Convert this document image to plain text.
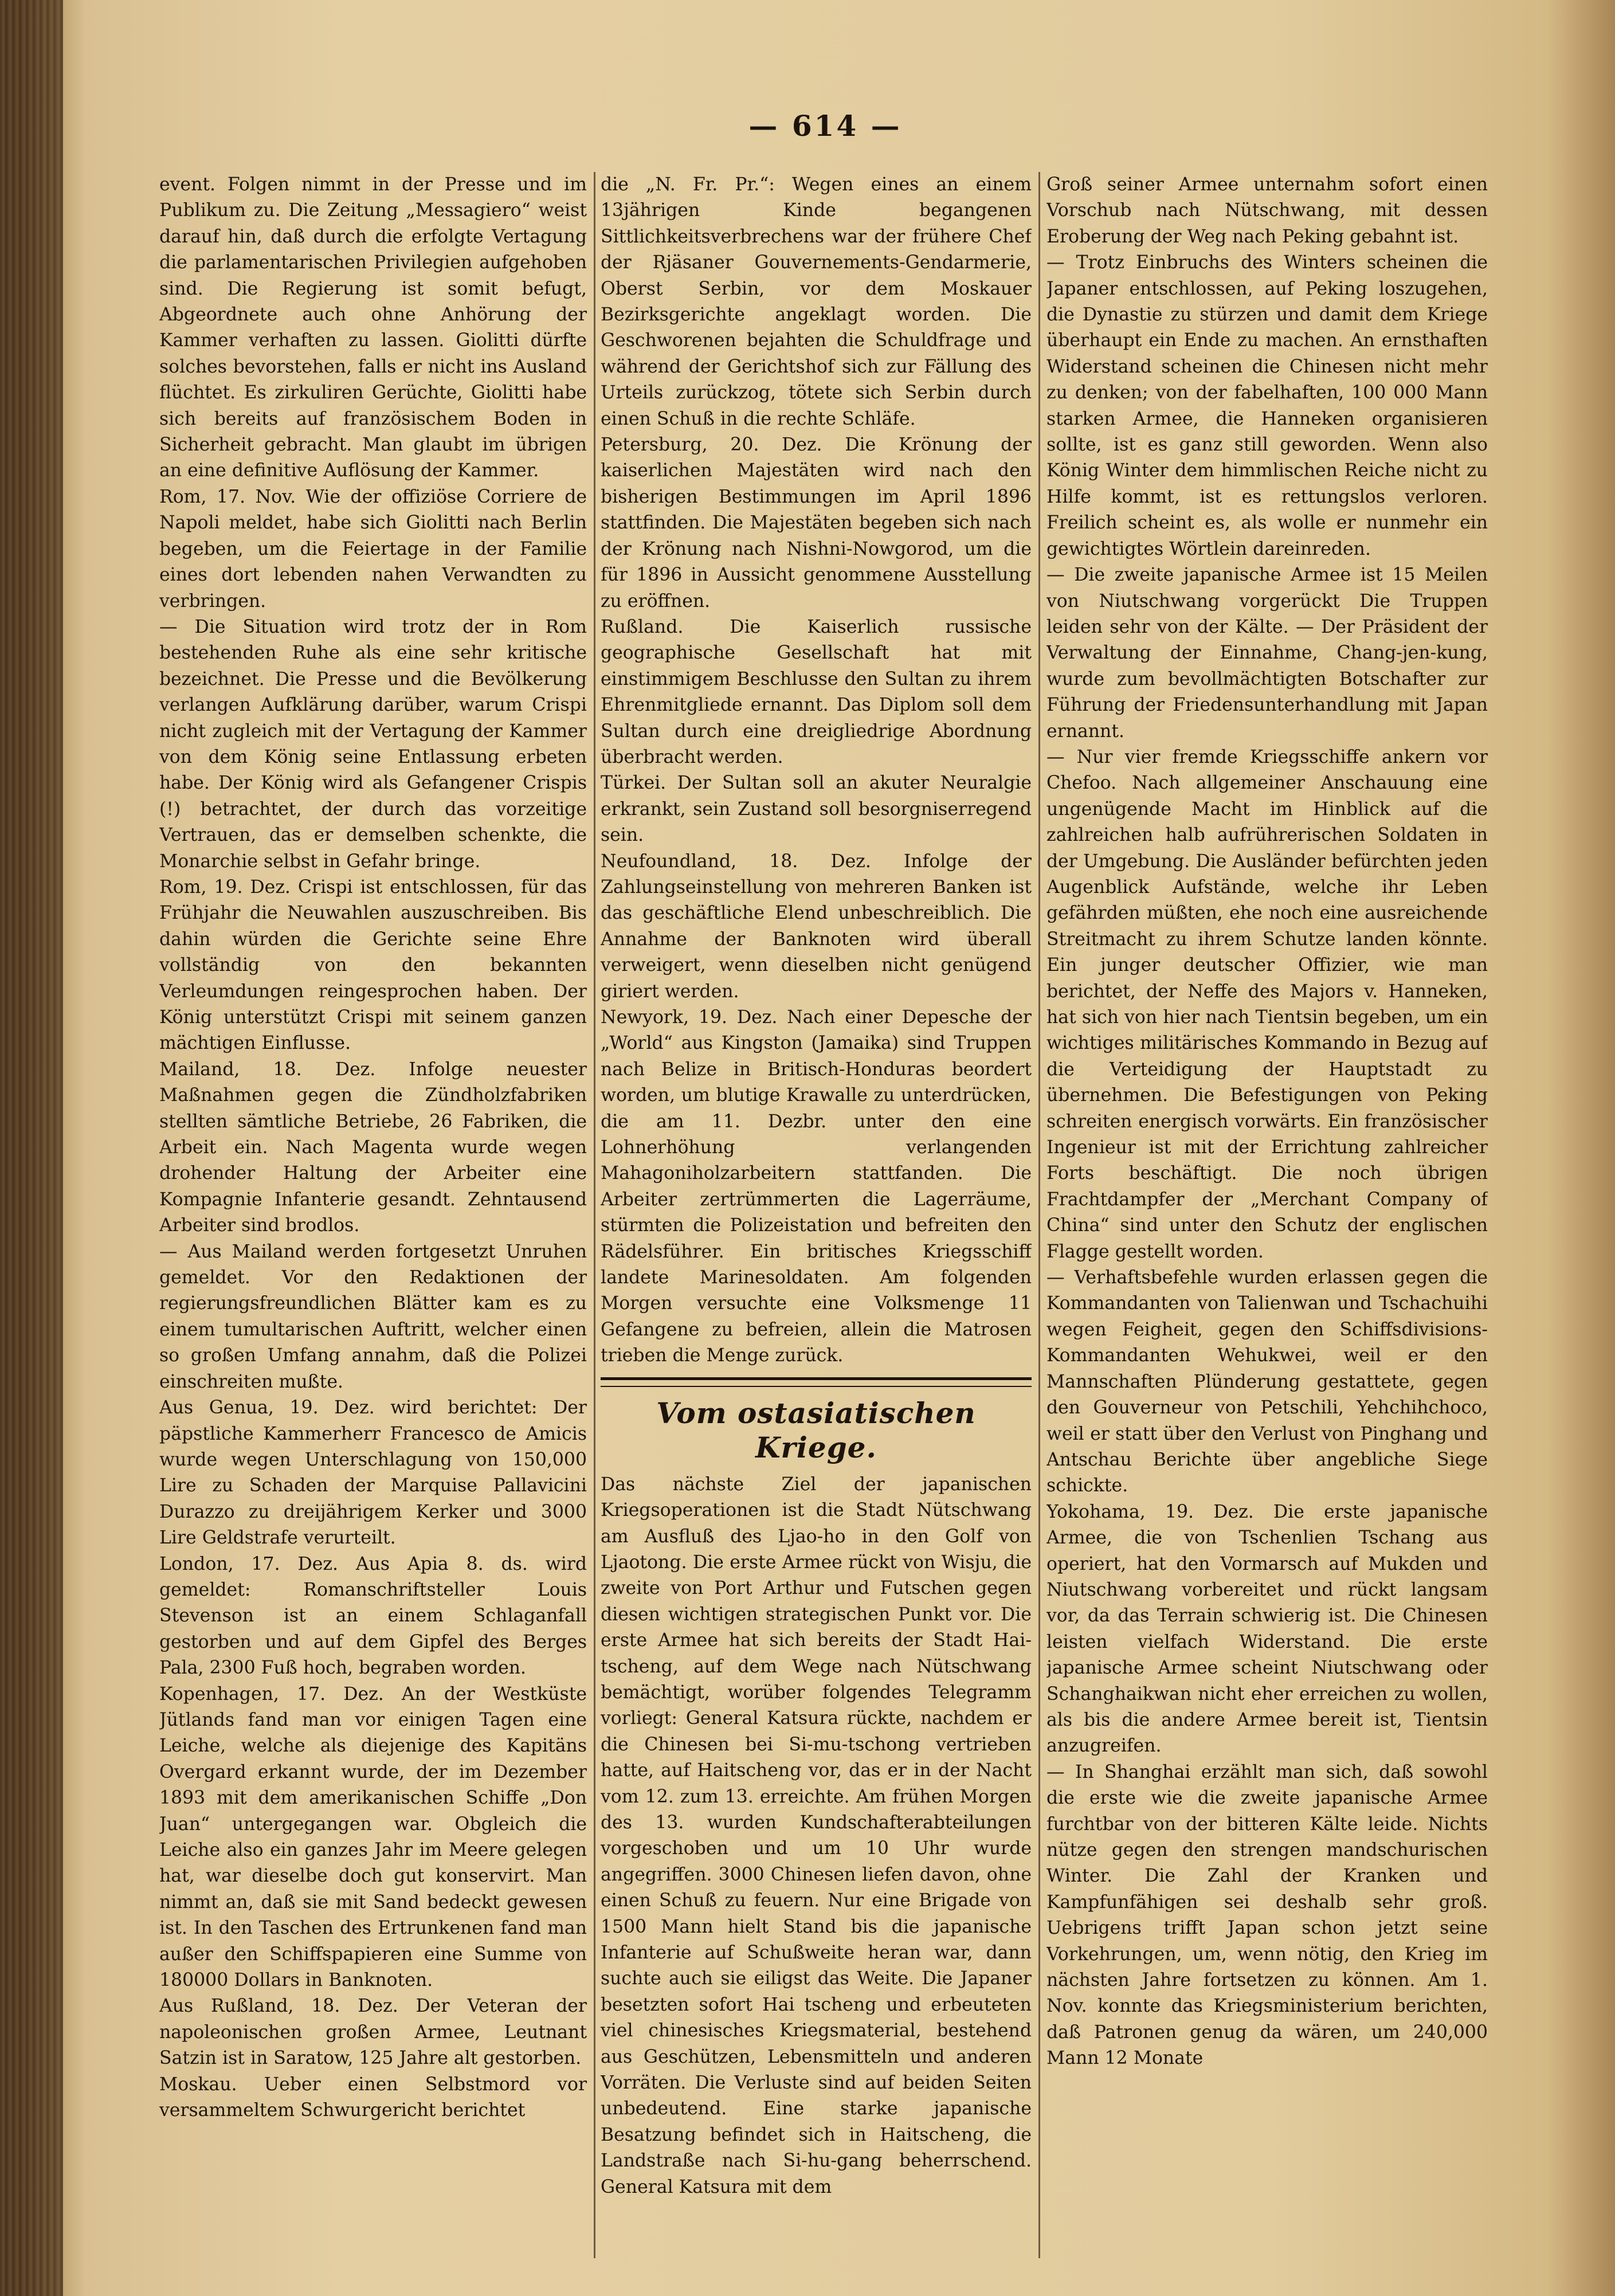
— 614 —

event. Folgen nimmt in der Presse und im Publikum zu. Die Zeitung „Messagiero“ weist darauf hin, daß durch die erfolgte Vertagung die parlamentarischen Privilegien aufgehoben sind. Die Regierung ist somit befugt, Abgeordnete auch ohne Anhörung der Kammer verhaften zu lassen. Giolitti dürfte solches bevorstehen, falls er nicht ins Ausland flüchtet. Es zirkuliren Gerüchte, Giolitti habe sich bereits auf französischem Boden in Sicherheit gebracht. Man glaubt im übrigen an eine definitive Auflösung der Kammer.

Rom, 17. Nov. Wie der offiziöse Corriere de Napoli meldet, habe sich Giolitti nach Berlin begeben, um die Feiertage in der Familie eines dort lebenden nahen Verwandten zu verbringen.

— Die Situation wird trotz der in Rom bestehenden Ruhe als eine sehr kritische bezeichnet. Die Presse und die Bevölkerung verlangen Aufklärung darüber, warum Crispi nicht zugleich mit der Vertagung der Kammer von dem König seine Entlassung erbeten habe. Der König wird als Gefangener Crispis (!) betrachtet, der durch das vorzeitige Vertrauen, das er demselben schenkte, die Monarchie selbst in Gefahr bringe.

Rom, 19. Dez. Crispi ist entschlossen, für das Frühjahr die Neuwahlen auszuschreiben. Bis dahin würden die Gerichte seine Ehre vollständig von den bekannten Verleumdungen reingesprochen haben. Der König unterstützt Crispi mit seinem ganzen mächtigen Einflusse.

Mailand, 18. Dez. Infolge neuester Maßnahmen gegen die Zündholzfabriken stellten sämtliche Betriebe, 26 Fabriken, die Arbeit ein. Nach Magenta wurde wegen drohender Haltung der Arbeiter eine Kompagnie Infanterie gesandt. Zehntausend Arbeiter sind brodlos.

— Aus Mailand werden fortgesetzt Unruhen gemeldet. Vor den Redaktionen der regierungsfreundlichen Blätter kam es zu einem tumultarischen Auftritt, welcher einen so großen Umfang annahm, daß die Polizei einschreiten mußte.

Aus Genua, 19. Dez. wird berichtet: Der päpstliche Kammerherr Francesco de Amicis wurde wegen Unterschlagung von 150,000 Lire zu Schaden der Marquise Pallavicini Durazzo zu dreijährigem Kerker und 3000 Lire Geldstrafe verurteilt.

London, 17. Dez. Aus Apia 8. ds. wird gemeldet: Romanschriftsteller Louis Stevenson ist an einem Schlaganfall gestorben und auf dem Gipfel des Berges Pala, 2300 Fuß hoch, begraben worden.

Kopenhagen, 17. Dez. An der Westküste Jütlands fand man vor einigen Tagen eine Leiche, welche als diejenige des Kapitäns Overgard erkannt wurde, der im Dezember 1893 mit dem amerikanischen Schiffe „Don Juan“ untergegangen war. Obgleich die Leiche also ein ganzes Jahr im Meere gelegen hat, war dieselbe doch gut konservirt. Man nimmt an, daß sie mit Sand bedeckt gewesen ist. In den Taschen des Ertrunkenen fand man außer den Schiffspapieren eine Summe von 180000 Dollars in Banknoten.

Aus Rußland, 18. Dez. Der Veteran der napoleonischen großen Armee, Leutnant Satzin ist in Saratow, 125 Jahre alt gestorben.

Moskau. Ueber einen Selbstmord vor versammeltem Schwurgericht berichtet

die „N. Fr. Pr.“: Wegen eines an einem 13jährigen Kinde begangenen Sittlichkeitsverbrechens war der frühere Chef der Rjäsaner Gouvernements-Gendarmerie, Oberst Serbin, vor dem Moskauer Bezirksgerichte angeklagt worden. Die Geschworenen bejahten die Schuldfrage und während der Gerichtshof sich zur Fällung des Urteils zurückzog, tötete sich Serbin durch einen Schuß in die rechte Schläfe.

Petersburg, 20. Dez. Die Krönung der kaiserlichen Majestäten wird nach den bisherigen Bestimmungen im April 1896 stattfinden. Die Majestäten begeben sich nach der Krönung nach Nishni-Nowgorod, um die für 1896 in Aussicht genommene Ausstellung zu eröffnen.

Rußland. Die Kaiserlich russische geographische Gesellschaft hat mit einstimmigem Beschlusse den Sultan zu ihrem Ehrenmitgliede ernannt. Das Diplom soll dem Sultan durch eine dreigliedrige Abordnung überbracht werden.

Türkei. Der Sultan soll an akuter Neuralgie erkrankt, sein Zustand soll besorgniserregend sein.

Neufoundland, 18. Dez. Infolge der Zahlungseinstellung von mehreren Banken ist das geschäftliche Elend unbeschreiblich. Die Annahme der Banknoten wird überall verweigert, wenn dieselben nicht genügend giriert werden.

Newyork, 19. Dez. Nach einer Depesche der „World“ aus Kingston (Jamaika) sind Truppen nach Belize in Britisch-Honduras beordert worden, um blutige Krawalle zu unterdrücken, die am 11. Dezbr. unter den eine Lohnerhöhung verlangenden Mahagoniholzarbeitern stattfanden. Die Arbeiter zertrümmerten die Lagerräume, stürmten die Polizeistation und befreiten den Rädelsführer. Ein britisches Kriegsschiff landete Marinesoldaten. Am folgenden Morgen versuchte eine Volksmenge 11 Gefangene zu befreien, allein die Matrosen trieben die Menge zurück.

Vom ostasiatischen Kriege.

Das nächste Ziel der japanischen Kriegsoperationen ist die Stadt Nütschwang am Ausfluß des Ljao-ho in den Golf von Ljaotong. Die erste Armee rückt von Wisju, die zweite von Port Arthur und Futschen gegen diesen wichtigen strategischen Punkt vor. Die erste Armee hat sich bereits der Stadt Hai-tscheng, auf dem Wege nach Nütschwang bemächtigt, worüber folgendes Telegramm vorliegt: General Katsura rückte, nachdem er die Chinesen bei Si-mu-tschong vertrieben hatte, auf Haitscheng vor, das er in der Nacht vom 12. zum 13. erreichte. Am frühen Morgen des 13. wurden Kundschafterabteilungen vorgeschoben und um 10 Uhr wurde angegriffen. 3000 Chinesen liefen davon, ohne einen Schuß zu feuern. Nur eine Brigade von 1500 Mann hielt Stand bis die japanische Infanterie auf Schußweite heran war, dann suchte auch sie eiligst das Weite. Die Japaner besetzten sofort Hai tscheng und erbeuteten viel chinesisches Kriegsmaterial, bestehend aus Geschützen, Lebensmitteln und anderen Vorräten. Die Verluste sind auf beiden Seiten unbedeutend. Eine starke japanische Besatzung befindet sich in Haitscheng, die Landstraße nach Si-hu-gang beherrschend. General Katsura mit dem

Groß seiner Armee unternahm sofort einen Vorschub nach Nütschwang, mit dessen Eroberung der Weg nach Peking gebahnt ist.

— Trotz Einbruchs des Winters scheinen die Japaner entschlossen, auf Peking loszugehen, die Dynastie zu stürzen und damit dem Kriege überhaupt ein Ende zu machen. An ernsthaften Widerstand scheinen die Chinesen nicht mehr zu denken; von der fabelhaften, 100 000 Mann starken Armee, die Hanneken organisieren sollte, ist es ganz still geworden. Wenn also König Winter dem himmlischen Reiche nicht zu Hilfe kommt, ist es rettungslos verloren. Freilich scheint es, als wolle er nunmehr ein gewichtigtes Wörtlein dareinreden.

— Die zweite japanische Armee ist 15 Meilen von Niutschwang vorgerückt Die Truppen leiden sehr von der Kälte. — Der Präsident der Verwaltung der Einnahme, Chang-jen-kung, wurde zum bevollmächtigten Botschafter zur Führung der Friedensunterhandlung mit Japan ernannt.

— Nur vier fremde Kriegsschiffe ankern vor Chefoo. Nach allgemeiner Anschauung eine ungenügende Macht im Hinblick auf die zahlreichen halb aufrührerischen Soldaten in der Umgebung. Die Ausländer befürchten jeden Augenblick Aufstände, welche ihr Leben gefährden müßten, ehe noch eine ausreichende Streitmacht zu ihrem Schutze landen könnte. Ein junger deutscher Offizier, wie man berichtet, der Neffe des Majors v. Hanneken, hat sich von hier nach Tientsin begeben, um ein wichtiges militärisches Kommando in Bezug auf die Verteidigung der Hauptstadt zu übernehmen. Die Befestigungen von Peking schreiten energisch vorwärts. Ein französischer Ingenieur ist mit der Errichtung zahlreicher Forts beschäftigt. Die noch übrigen Frachtdampfer der „Merchant Company of China“ sind unter den Schutz der englischen Flagge gestellt worden.

— Verhaftsbefehle wurden erlassen gegen die Kommandanten von Talienwan und Tschachuihi wegen Feigheit, gegen den Schiffsdivisions-Kommandanten Wehukwei, weil er den Mannschaften Plünderung gestattete, gegen den Gouverneur von Petschili, Yehchihchoco, weil er statt über den Verlust von Pinghang und Antschau Berichte über angebliche Siege schickte.

Yokohama, 19. Dez. Die erste japanische Armee, die von Tschenlien Tschang aus operiert, hat den Vormarsch auf Mukden und Niutschwang vorbereitet und rückt langsam vor, da das Terrain schwierig ist. Die Chinesen leisten vielfach Widerstand. Die erste japanische Armee scheint Niutschwang oder Schanghaikwan nicht eher erreichen zu wollen, als bis die andere Armee bereit ist, Tientsin anzugreifen.

— In Shanghai erzählt man sich, daß sowohl die erste wie die zweite japanische Armee furchtbar von der bitteren Kälte leide. Nichts nütze gegen den strengen mandschurischen Winter. Die Zahl der Kranken und Kampfunfähigen sei deshalb sehr groß. Uebrigens trifft Japan schon jetzt seine Vorkehrungen, um, wenn nötig, den Krieg im nächsten Jahre fortsetzen zu können. Am 1. Nov. konnte das Kriegsministerium berichten, daß Patronen genug da wären, um 240,000 Mann 12 Monate
